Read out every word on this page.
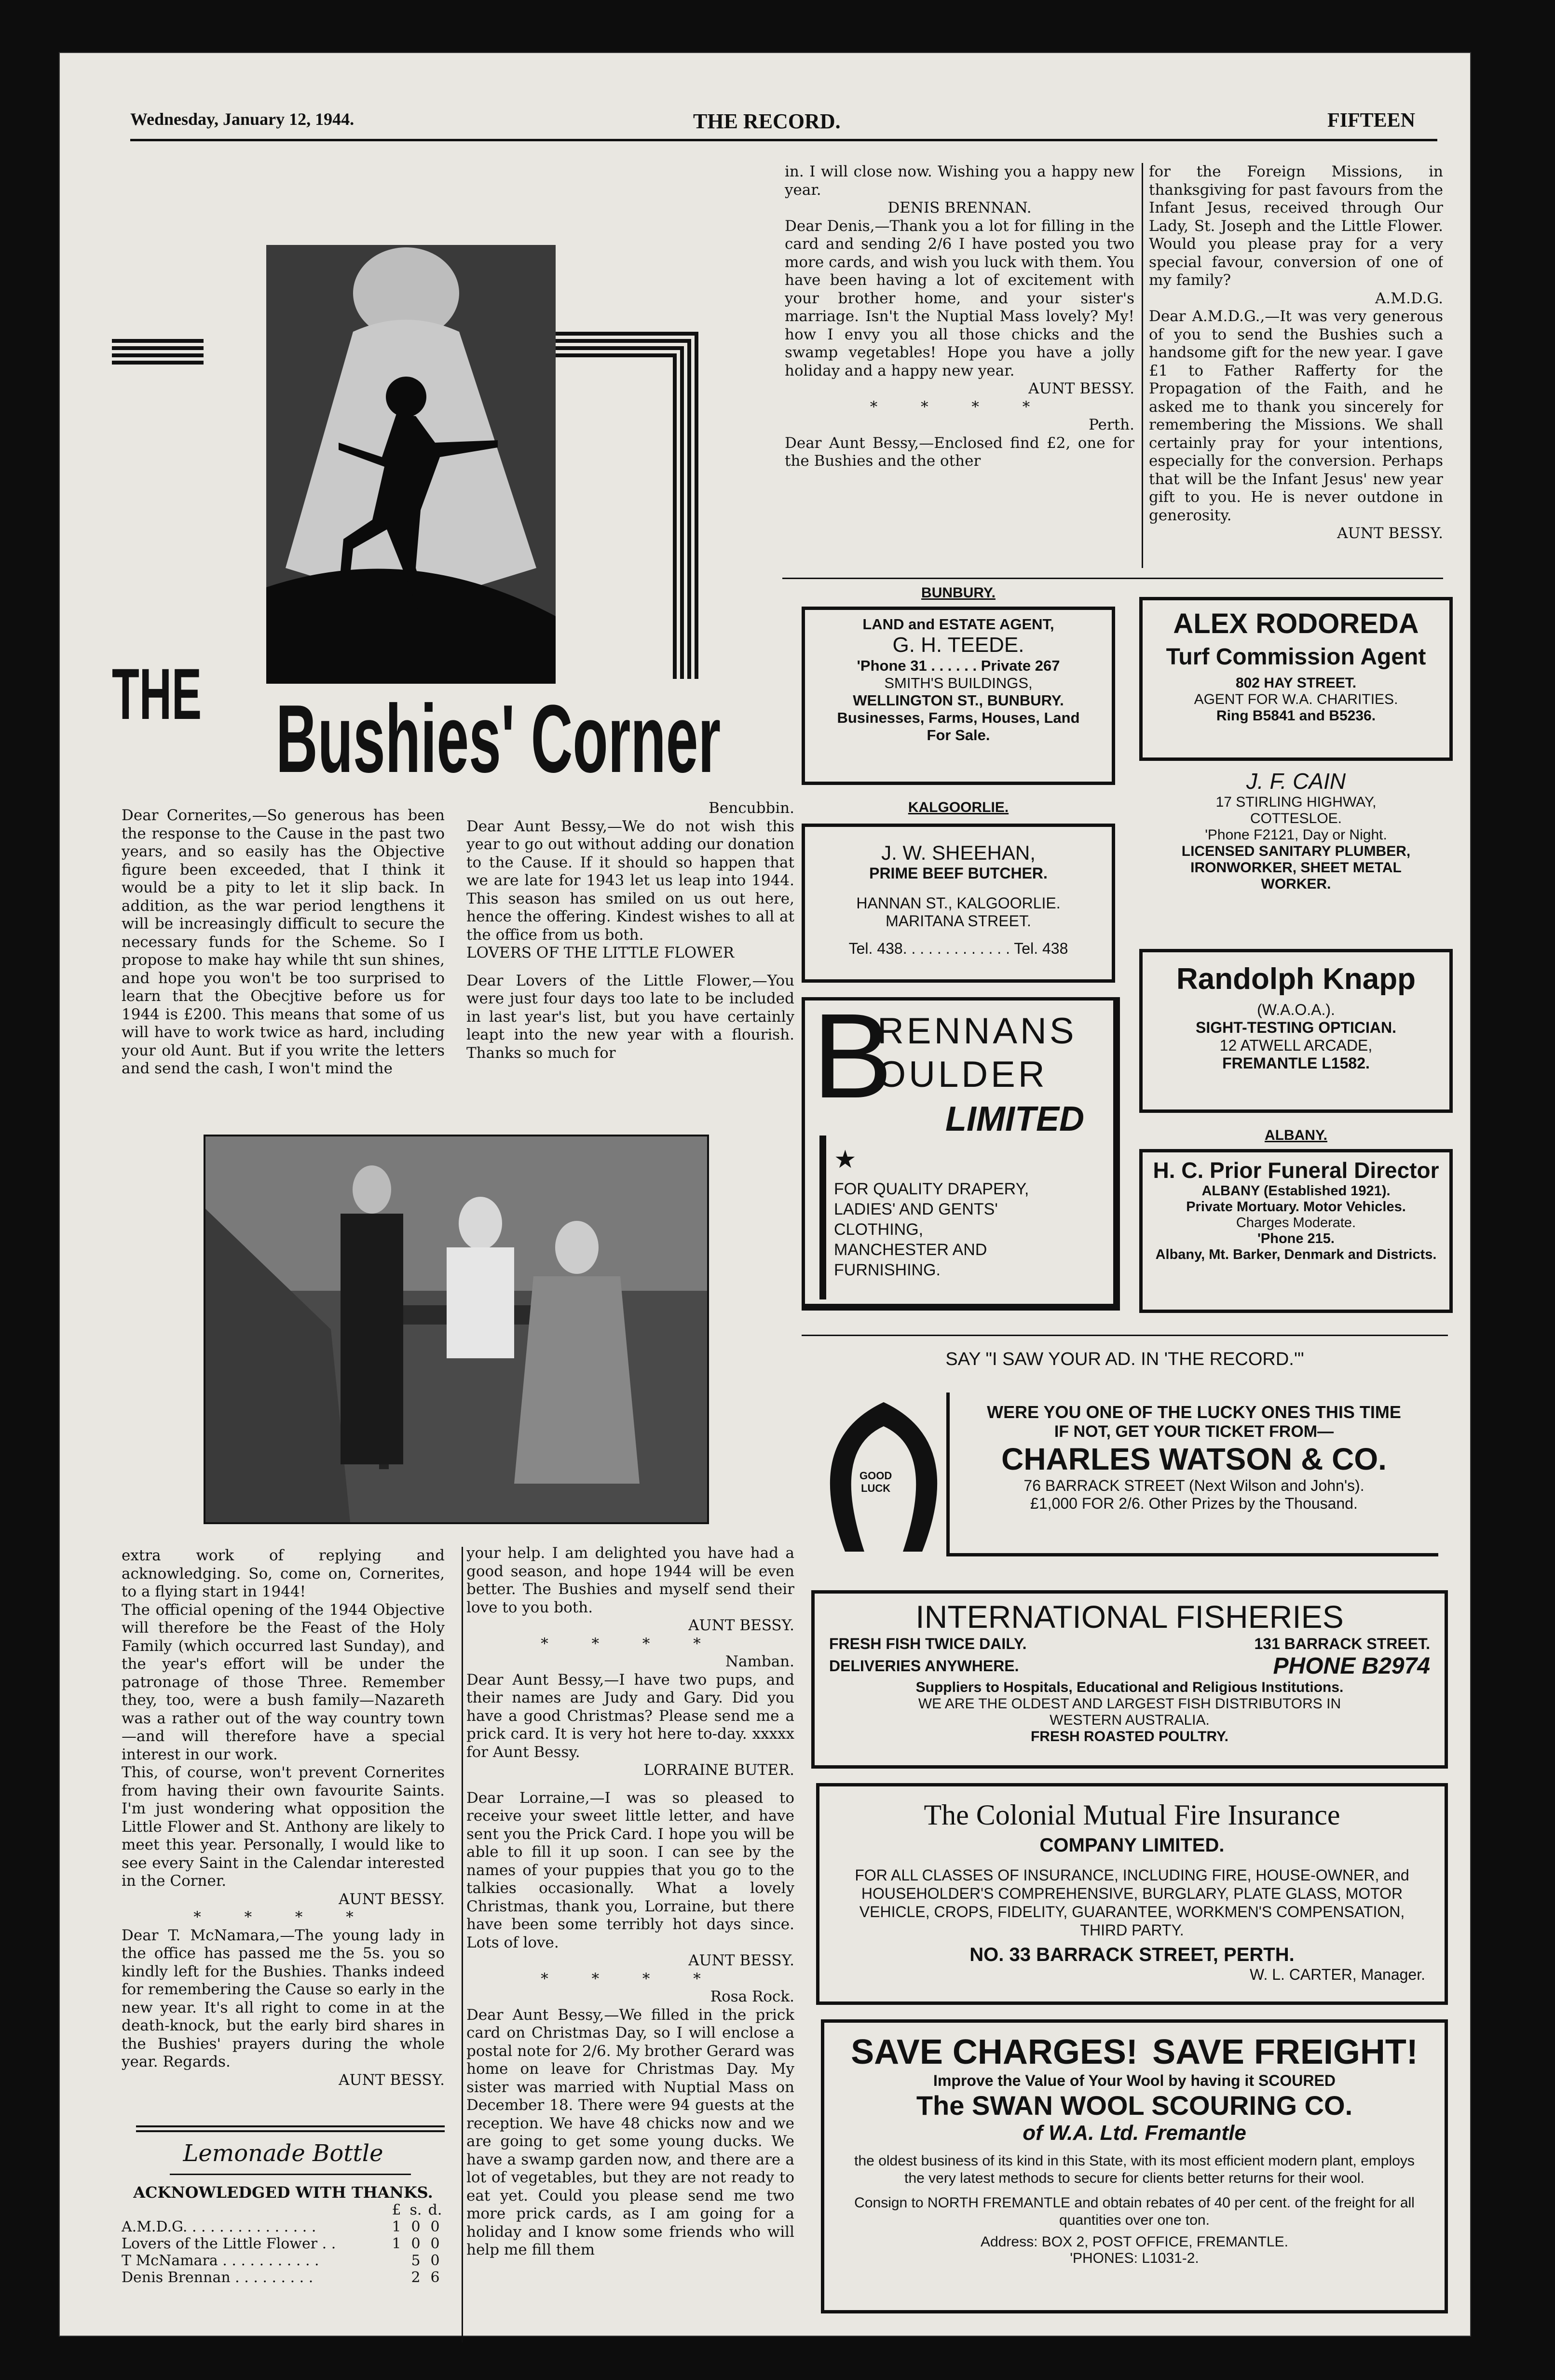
Wednesday, January 12, 1944.	THE RECORD.	FIFTEEN
THE Bushies' Corner

Dear Cornerites,—So generous has been the response to the Cause in the past two years, and so easily has the Objective figure been exceeded, that I think it would be a pity to let it slip back. In addition, as the war period lengthens it will be increasingly difficult to secure the necessary funds for the Scheme. So I propose to make hay while tht sun shines, and hope you won't be too surprised to learn that the Obecjtive before us for 1944 is £200. This means that some of us will have to work twice as hard, including your old Aunt. But if you write the letters and send the cash, I won't mind the

Bencubbin.

Dear Aunt Bessy,—We do not wish this year to go out without adding our donation to the Cause. If it should so happen that we are late for 1943 let us leap into 1944. This season has smiled on us out here, hence the offering. Kindest wishes to all at the office from us both.

LOVERS OF THE LITTLE FLOWER

Dear Lovers of the Little Flower,—You were just four days too late to be included in last year's list, but you have certainly leapt into the new year with a flourish. Thanks so much for

in. I will close now. Wishing you a happy new year.

DENIS BRENNAN.

Dear Denis,—Thank you a lot for filling in the card and sending 2/6 I have posted you two more cards, and wish you luck with them. You have been having a lot of excitement with your brother home, and your sister's marriage. Isn't the Nuptial Mass lovely? My! how I envy you all those chicks and the swamp vegetables! Hope you have a jolly holiday and a happy new year.

AUNT BESSY.

* * * *

Perth.

Dear Aunt Bessy,—Enclosed find £2, one for the Bushies and the other

for the Foreign Missions, in thanksgiving for past favours from the Infant Jesus, received through Our Lady, St. Joseph and the Little Flower. Would you please pray for a very special favour, conversion of one of my family?

A.M.D.G.

Dear A.M.D.G.,—It was very generous of you to send the Bushies such a handsome gift for the new year. I gave £1 to Father Rafferty for the Propagation of the Faith, and he asked me to thank you sincerely for remembering the Missions. We shall certainly pray for your intentions, especially for the conversion. Perhaps that will be the Infant Jesus' new year gift to you. He is never outdone in generosity.

AUNT BESSY.

extra work of replying and acknowledging. So, come on, Cornerites, to a flying start in 1944!

The official opening of the 1944 Objective will therefore be the Feast of the Holy Family (which occurred last Sunday), and the year's effort will be under the patronage of those Three. Remember they, too, were a bush family—Nazareth was a rather out of the way country town—and will therefore have a special interest in our work.

This, of course, won't prevent Cornerites from having their own favourite Saints. I'm just wondering what opposition the Little Flower and St. Anthony are likely to meet this year. Personally, I would like to see every Saint in the Calendar interested in the Corner.

AUNT BESSY.

* * * *

Dear T. McNamara,—The young lady in the office has passed me the 5s. you so kindly left for the Bushies. Thanks indeed for remembering the Cause so early in the new year. It's all right to come in at the death-knock, but the early bird shares in the Bushies' prayers during the whole year. Regards.

AUNT BESSY.

Lemonade Bottle
ACKNOWLEDGED WITH THANKS.
	£	s.	d.
A.M.D.G. . . . . . . . . . . . . . .	1	0	0
Lovers of the Little Flower . .	1	0	0
T McNamara . . . . . . . . . . .		5	0
Denis Brennan . . . . . . . . .		2	6

your help. I am delighted you have had a good season, and hope 1944 will be even better. The Bushies and myself send their love to you both.

AUNT BESSY.

* * * *

Namban.

Dear Aunt Bessy,—I have two pups, and their names are Judy and Gary. Did you have a good Christmas? Please send me a prick card. It is very hot here to-day. xxxxx for Aunt Bessy.

LORRAINE BUTER.

Dear Lorraine,—I was so pleased to receive your sweet little letter, and have sent you the Prick Card. I hope you will be able to fill it up soon. I can see by the names of your puppies that you go to the talkies occasionally. What a lovely Christmas, thank you, Lorraine, but there have been some terribly hot days since. Lots of love.

AUNT BESSY.

* * * *

Rosa Rock.

Dear Aunt Bessy,—We filled in the prick card on Christmas Day, so I will enclose a postal note for 2/6. My brother Gerard was home on leave for Christmas Day. My sister was married with Nuptial Mass on December 18. There were 94 guests at the reception. We have 48 chicks now and we are going to get some young ducks. We have a swamp garden now, and there are a lot of vegetables, but they are not ready to eat yet. Could you please send me two more prick cards, as I am going for a holiday and I know some friends who will help me fill them

BUNBURY.
LAND and ESTATE AGENT,
G. H. TEEDE.
'Phone 31 . . . . . . Private 267
SMITH'S BUILDINGS,
WELLINGTON ST., BUNBURY.
Businesses, Farms, Houses, Land
For Sale.
ALEX RODOREDA
Turf Commission Agent
802 HAY STREET.
AGENT FOR W.A. CHARITIES.
Ring B5841 and B5236.
KALGOORLIE.
J. W. SHEEHAN,
PRIME BEEF BUTCHER.
HANNAN ST., KALGOORLIE.
MARITANA STREET.
Tel. 438. . . . . . . . . . . . . Tel. 438
J. F. CAIN
17 STIRLING HIGHWAY,
COTTESLOE.
'Phone F2121, Day or Night.
LICENSED SANITARY PLUMBER,
IRONWORKER, SHEET METAL
WORKER.
Randolph Knapp
(W.A.O.A.).
SIGHT-TESTING OPTICIAN.
12 ATWELL ARCADE,
FREMANTLE L1582.
B
RENNANS
OULDER
LIMITED
★
FOR QUALITY DRAPERY,
LADIES' AND GENTS'
CLOTHING,
MANCHESTER AND
FURNISHING.
ALBANY.
H. C. Prior Funeral Director
ALBANY (Established 1921).
Private Mortuary. Motor Vehicles.
Charges Moderate.
'Phone 215.
Albany, Mt. Barker, Denmark and Districts.
SAY "I SAW YOUR AD. IN 'THE RECORD.'"
GOOD
LUCK
WERE YOU ONE OF THE LUCKY ONES THIS TIME
IF NOT, GET YOUR TICKET FROM—
CHARLES WATSON & CO.
76 BARRACK STREET (Next Wilson and John's).
£1,000 FOR 2/6. Other Prizes by the Thousand.
INTERNATIONAL FISHERIES
FRESH FISH TWICE DAILY.	131 BARRACK STREET.
DELIVERIES ANYWHERE.	PHONE B2974
Suppliers to Hospitals, Educational and Religious Institutions.
WE ARE THE OLDEST AND LARGEST FISH DISTRIBUTORS IN
WESTERN AUSTRALIA.
FRESH ROASTED POULTRY.
The Colonial Mutual Fire Insurance
COMPANY LIMITED.
FOR ALL CLASSES OF INSURANCE, INCLUDING FIRE, HOUSE-OWNER, and HOUSEHOLDER'S COMPREHENSIVE, BURGLARY, PLATE GLASS, MOTOR VEHICLE, CROPS, FIDELITY, GUARANTEE, WORKMEN'S COMPENSATION, THIRD PARTY.
NO. 33 BARRACK STREET, PERTH.
W. L. CARTER, Manager.
SAVE CHARGES! SAVE FREIGHT!
Improve the Value of Your Wool by having it SCOURED
The SWAN WOOL SCOURING CO.
of W.A. Ltd. Fremantle
the oldest business of its kind in this State, with its most efficient modern plant, employs the very latest methods to secure for clients better returns for their wool.
Consign to NORTH FREMANTLE and obtain rebates of 40 per cent. of the freight for all quantities over one ton.
Address: BOX 2, POST OFFICE, FREMANTLE.
'PHONES: L1031-2.
